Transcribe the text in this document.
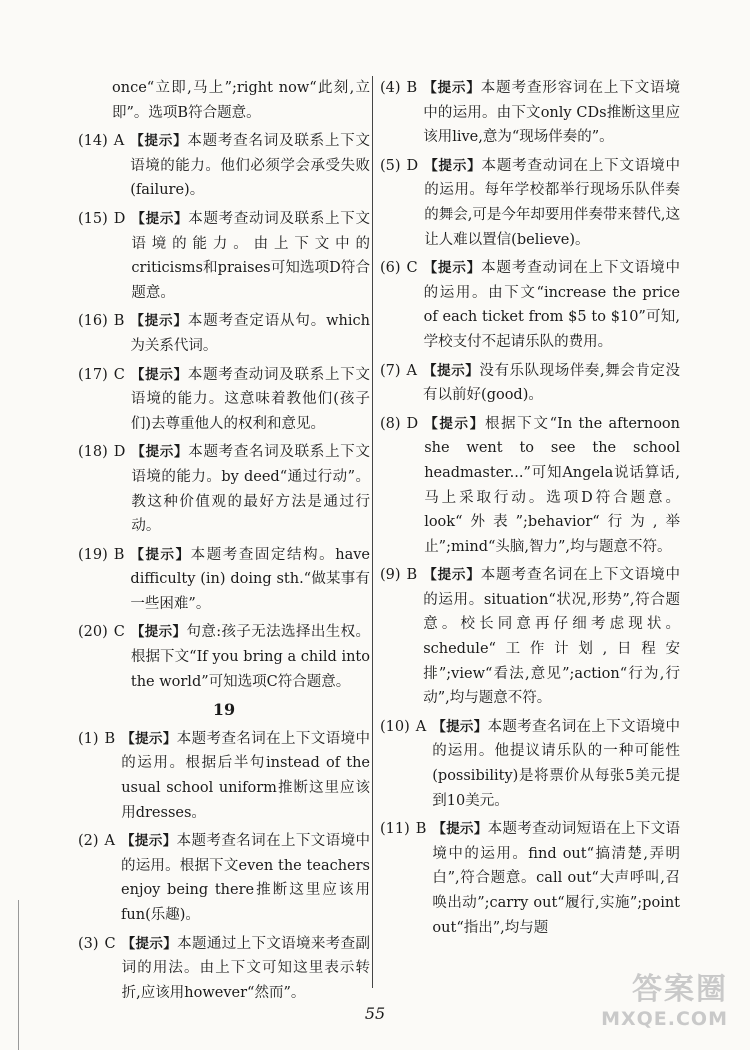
once“立即,马上”;right now“此刻,立即”。选项B符合题意。
(14) A 【提示】本题考查名词及联系上下文语境的能力。他们必须学会承受失败(failure)。
(15) D 【提示】本题考查动词及联系上下文语境的能力。由上下文中的criticisms和praises可知选项D符合题意。
(16) B 【提示】本题考查定语从句。which为关系代词。
(17) C 【提示】本题考查动词及联系上下文语境的能力。这意味着教他们(孩子们)去尊重他人的权利和意见。
(18) D 【提示】本题考查名词及联系上下文语境的能力。by deed“通过行动”。教这种价值观的最好方法是通过行动。
(19) B 【提示】本题考查固定结构。have difficulty (in) doing sth.“做某事有一些困难”。
(20) C 【提示】句意:孩子无法选择出生权。根据下文“If you bring a child into the world”可知选项C符合题意。
19
(1) B 【提示】本题考查名词在上下文语境中的运用。根据后半句instead of the usual school uniform推断这里应该用dresses。
(2) A 【提示】本题考查名词在上下文语境中的运用。根据下文even the teachers enjoy being there推断这里应该用fun(乐趣)。
(3) C 【提示】本题通过上下文语境来考查副词的用法。由上下文可知这里表示转折,应该用however“然而”。
(4) B 【提示】本题考查形容词在上下文语境中的运用。由下文only CDs推断这里应该用live,意为“现场伴奏的”。
(5) D 【提示】本题考查动词在上下文语境中的运用。每年学校都举行现场乐队伴奏的舞会,可是今年却要用伴奏带来替代,这让人难以置信(believe)。
(6) C 【提示】本题考查动词在上下文语境中的运用。由下文“increase the price of each ticket from $5 to $10”可知,学校支付不起请乐队的费用。
(7) A 【提示】没有乐队现场伴奏,舞会肯定没有以前好(good)。
(8) D 【提示】根据下文“In the afternoon she went to see the school headmaster...”可知Angela说话算话,马上采取行动。选项D符合题意。look“外表”;behavior“行为,举止”;mind“头脑,智力”,均与题意不符。
(9) B 【提示】本题考查名词在上下文语境中的运用。situation“状况,形势”,符合题意。校长同意再仔细考虑现状。schedule“工作计划,日程安排”;view“看法,意见”;action“行为,行动”,均与题意不符。
(10) A 【提示】本题考查名词在上下文语境中的运用。他提议请乐队的一种可能性(possibility)是将票价从每张5美元提到10美元。
(11) B 【提示】本题考查动词短语在上下文语境中的运用。find out“搞清楚,弄明白”,符合题意。call out“大声呼叫,召唤出动”;carry out“履行,实施”;point out“指出”,均与题
55
答案圈
MXQE.COM
